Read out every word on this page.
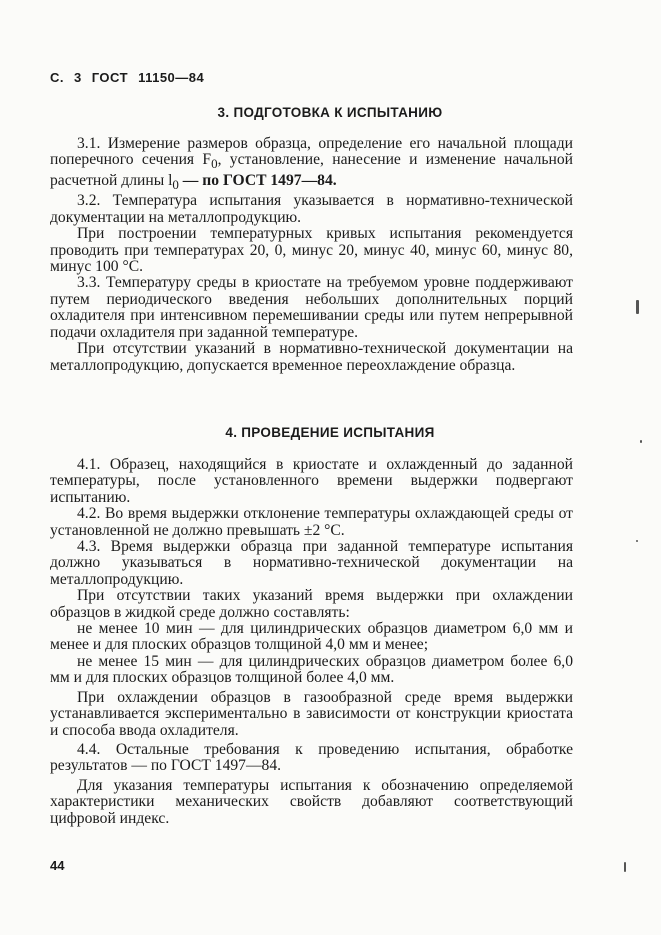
С. 3 ГОСТ 11150—84
3. ПОДГОТОВКА К ИСПЫТАНИЮ

3.1. Измерение размеров образца, определение его начальной площади поперечного сечения $F_0$, установление, нанесение и изменение начальной расчетной длины $l_0$ — по ГОСТ 1497—84.

3.2. Температура испытания указывается в нормативно-технической документации на металлопродукцию.

При построении температурных кривых испытания рекомендуется проводить при температурах 20, 0, минус 20, минус 40, минус 60, минус 80, минус 100 °С.

3.3. Температуру среды в криостате на требуемом уровне поддерживают путем периодического введения небольших дополнительных порций охладителя при интенсивном перемешивании среды или путем непрерывной подачи охладителя при заданной температуре.

При отсутствии указаний в нормативно-технической документации на металлопродукцию, допускается временное переохлаждение образца.

4. ПРОВЕДЕНИЕ ИСПЫТАНИЯ

4.1. Образец, находящийся в криостате и охлажденный до заданной температуры, после установленного времени выдержки подвергают испытанию.

4.2. Во время выдержки отклонение температуры охлаждающей среды от установленной не должно превышать ±2 °С.

4.3. Время выдержки образца при заданной температуре испытания должно указываться в нормативно-технической документации на металлопродукцию.

При отсутствии таких указаний время выдержки при охлаждении образцов в жидкой среде должно составлять:

не менее 10 мин — для цилиндрических образцов диаметром 6,0 мм и менее и для плоских образцов толщиной 4,0 мм и менее;

не менее 15 мин — для цилиндрических образцов диаметром более 6,0 мм и для плоских образцов толщиной более 4,0 мм.

При охлаждении образцов в газообразной среде время выдержки устанавливается экспериментально в зависимости от конструкции криостата и способа ввода охладителя.

4.4. Остальные требования к проведению испытания, обработке результатов — по ГОСТ 1497—84.

Для указания температуры испытания к обозначению определяемой характеристики механических свойств добавляют соответствующий цифровой индекс.

44
